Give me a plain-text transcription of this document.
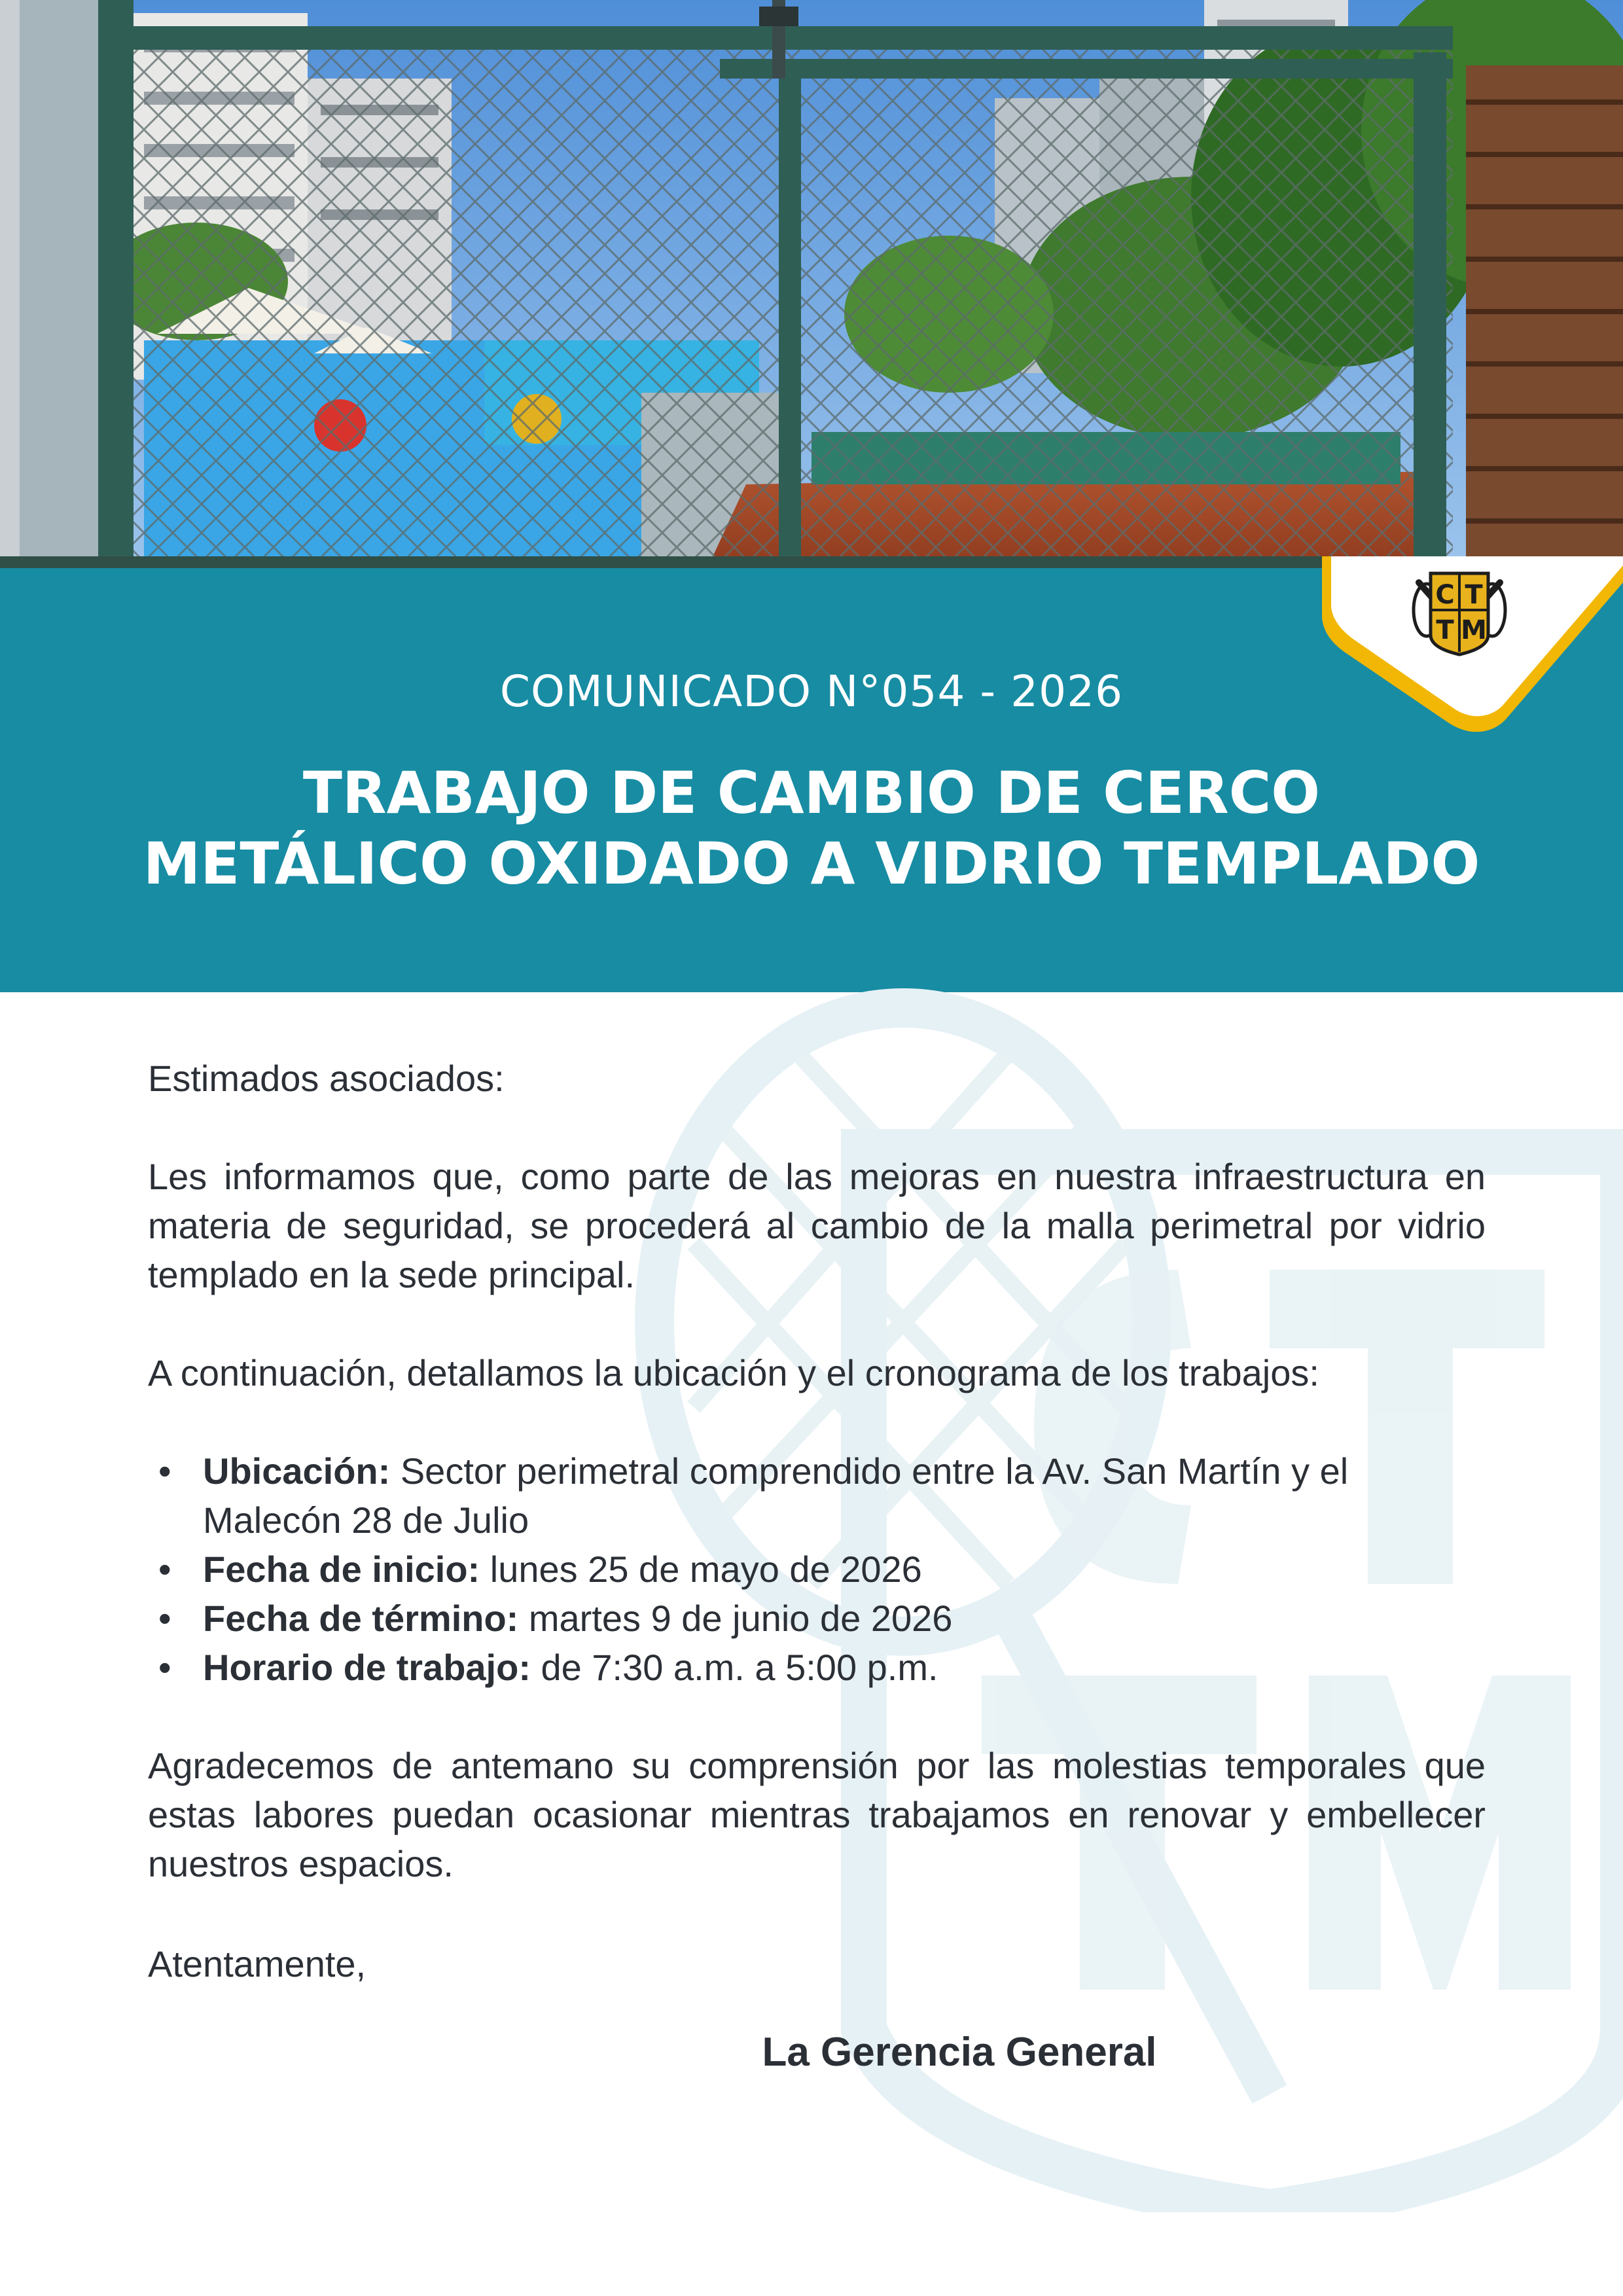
COMUNICADO N°054 - 2026
TRABAJO DE CAMBIO DE CERCO
METÁLICO OXIDADO A VIDRIO TEMPLADO
C T
T M

Estimados asociados:

Les informamos que, como parte de las mejoras en nuestra infraestructura en materia de seguridad, se procederá al cambio de la malla perimetral por vidrio templado en la sede principal.

A continuación, detallamos la ubicación y el cronograma de los trabajos:

• Ubicación: Sector perimetral comprendido entre la Av. San Martín y el Malecón 28 de Julio
• Fecha de inicio: lunes 25 de mayo de 2026
• Fecha de término: martes 9 de junio de 2026
• Horario de trabajo: de 7:30 a.m. a 5:00 p.m.

Agradecemos de antemano su comprensión por las molestias temporales que estas labores puedan ocasionar mientras trabajamos en renovar y embellecer nuestros espacios.

Atentamente,

La Gerencia General
